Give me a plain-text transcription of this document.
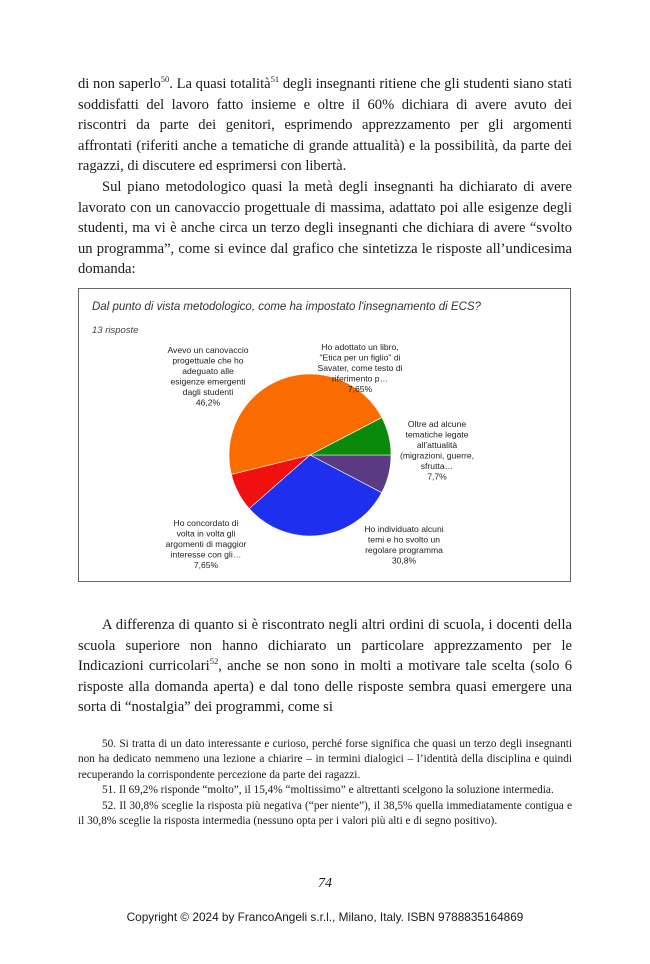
di non saperlo$^{50}$. La quasi totalità$^{51}$ degli insegnanti ritiene che gli studenti siano stati soddisfatti del lavoro fatto insieme e oltre il 60% dichiara di avere avuto dei riscontri da parte dei genitori, esprimendo apprezzamento per gli argomenti affrontati (riferiti anche a tematiche di grande attualità) e la possibilità, da parte dei ragazzi, di discutere ed esprimersi con libertà.

Sul piano metodologico quasi la metà degli insegnanti ha dichiarato di avere lavorato con un canovaccio progettuale di massima, adattato poi alle esigenze degli studenti, ma vi è anche circa un terzo degli insegnanti che dichiara di avere “svolto un programma”, come si evince dal grafico che sintetizza le risposte all’undicesima domanda:

Dal punto di vista metodologico, come ha impostato l'insegnamento di ECS?
13 risposte
Oltre ad alcune tematiche legate all'attualità (migrazioni, guerre, sfrutta… 7,7%
Ho individuato alcuni temi e ho svolto un regolare programma 30,8%
Ho concordato di volta in volta gli argomenti di maggior interesse con gli… 7,65%
Avevo un canovaccio progettuale che ho adeguato alle esigenze emergenti dagli studenti 46,2%
Ho adottato un libro, "Etica per un figlio" di Savater, come testo di riferimento p… 7,65%

A differenza di quanto si è riscontrato negli altri ordini di scuola, i docenti della scuola superiore non hanno dichiarato un particolare apprezzamento per le Indicazioni curricolari$^{52}$, anche se non sono in molti a motivare tale scelta (solo 6 risposte alla domanda aperta) e dal tono delle risposte sembra quasi emergere una sorta di “nostalgia” dei programmi, come si

50. Si tratta di un dato interessante e curioso, perché forse significa che quasi un terzo degli insegnanti non ha dedicato nemmeno una lezione a chiarire – in termini dialogici – l’identità della disciplina e quindi recuperando la corrispondente percezione da parte dei ragazzi.
51. Il 69,2% risponde “molto”, il 15,4% “moltissimo” e altrettanti scelgono la soluzione intermedia.
52. Il 30,8% sceglie la risposta più negativa (“per niente”), il 38,5% quella immediatamente contigua e il 30,8% sceglie la risposta intermedia (nessuno opta per i valori più alti e di segno positivo).
74
Copyright © 2024 by FrancoAngeli s.r.l., Milano, Italy. ISBN 9788835164869
